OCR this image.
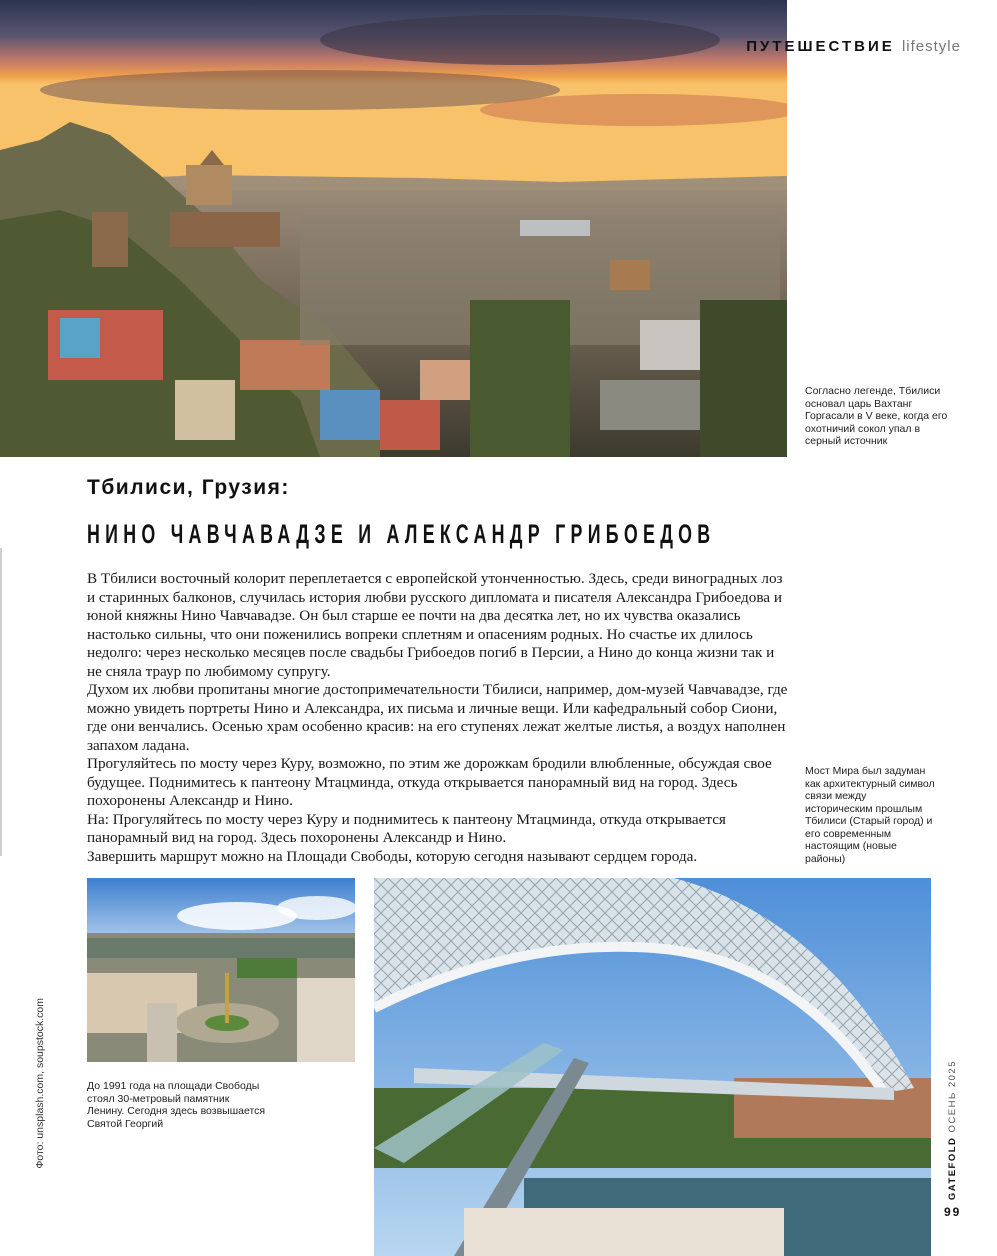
ПУТЕШЕСТВИЕ lifestyle
Согласно легенде, Тбилиси основал царь Вахтанг Горгасали в V веке, когда его охотничий сокол упал в серный источник
Тбилиси, Грузия:
НИНО ЧАВЧАВАДЗЕ И АЛЕКСАНДР ГРИБОЕДОВ

В Тбилиси восточный колорит переплетается с европейской утонченностью. Здесь, среди виноградных лоз и старинных балконов, случилась история любви русского дипломата и писателя Александра Грибоедова и юной княжны Нино Чавчавадзе. Он был старше ее почти на два десятка лет, но их чувства оказались настолько сильны, что они поженились вопреки сплетням и опасениям родных. Но счастье их длилось недолго: через несколько месяцев после свадьбы Грибоедов погиб в Персии, а Нино до конца жизни так и не сняла траур по любимому супругу.

Духом их любви пропитаны многие достопримечательности Тбилиси, например, дом-музей Чавчавадзе, где можно увидеть портреты Нино и Александра, их письма и личные вещи. Или кафедральный собор Сиони, где они венчались. Осенью храм особенно красив: на его ступенях лежат желтые листья, а воздух наполнен запахом ладана.

Прогуляйтесь по мосту через Куру, возможно, по этим же дорожкам бродили влюбленные, обсуждая свое будущее. Поднимитесь к пантеону Мтацминда, откуда открывается панорамный вид на город. Здесь похоронены Александр и Нино.

На: Прогуляйтесь по мосту через Куру и поднимитесь к пантеону Мтацминда, откуда открывается панорамный вид на город. Здесь похоронены Александр и Нино.

Завершить маршрут можно на Площади Свободы, которую сегодня называют сердцем города.

Мост Мира был задуман как архитектурный символ связи между историческим прошлым Тбилиси (Старый город) и его современным настоящим (новые районы)
До 1991 года на площади Свободы стоял 30-метровый памятник Ленину. Сегодня здесь возвышается Святой Георгий
Фото: unsplash.com, soupstock.com	GATEFOLD ОСЕНЬ 2025
99
